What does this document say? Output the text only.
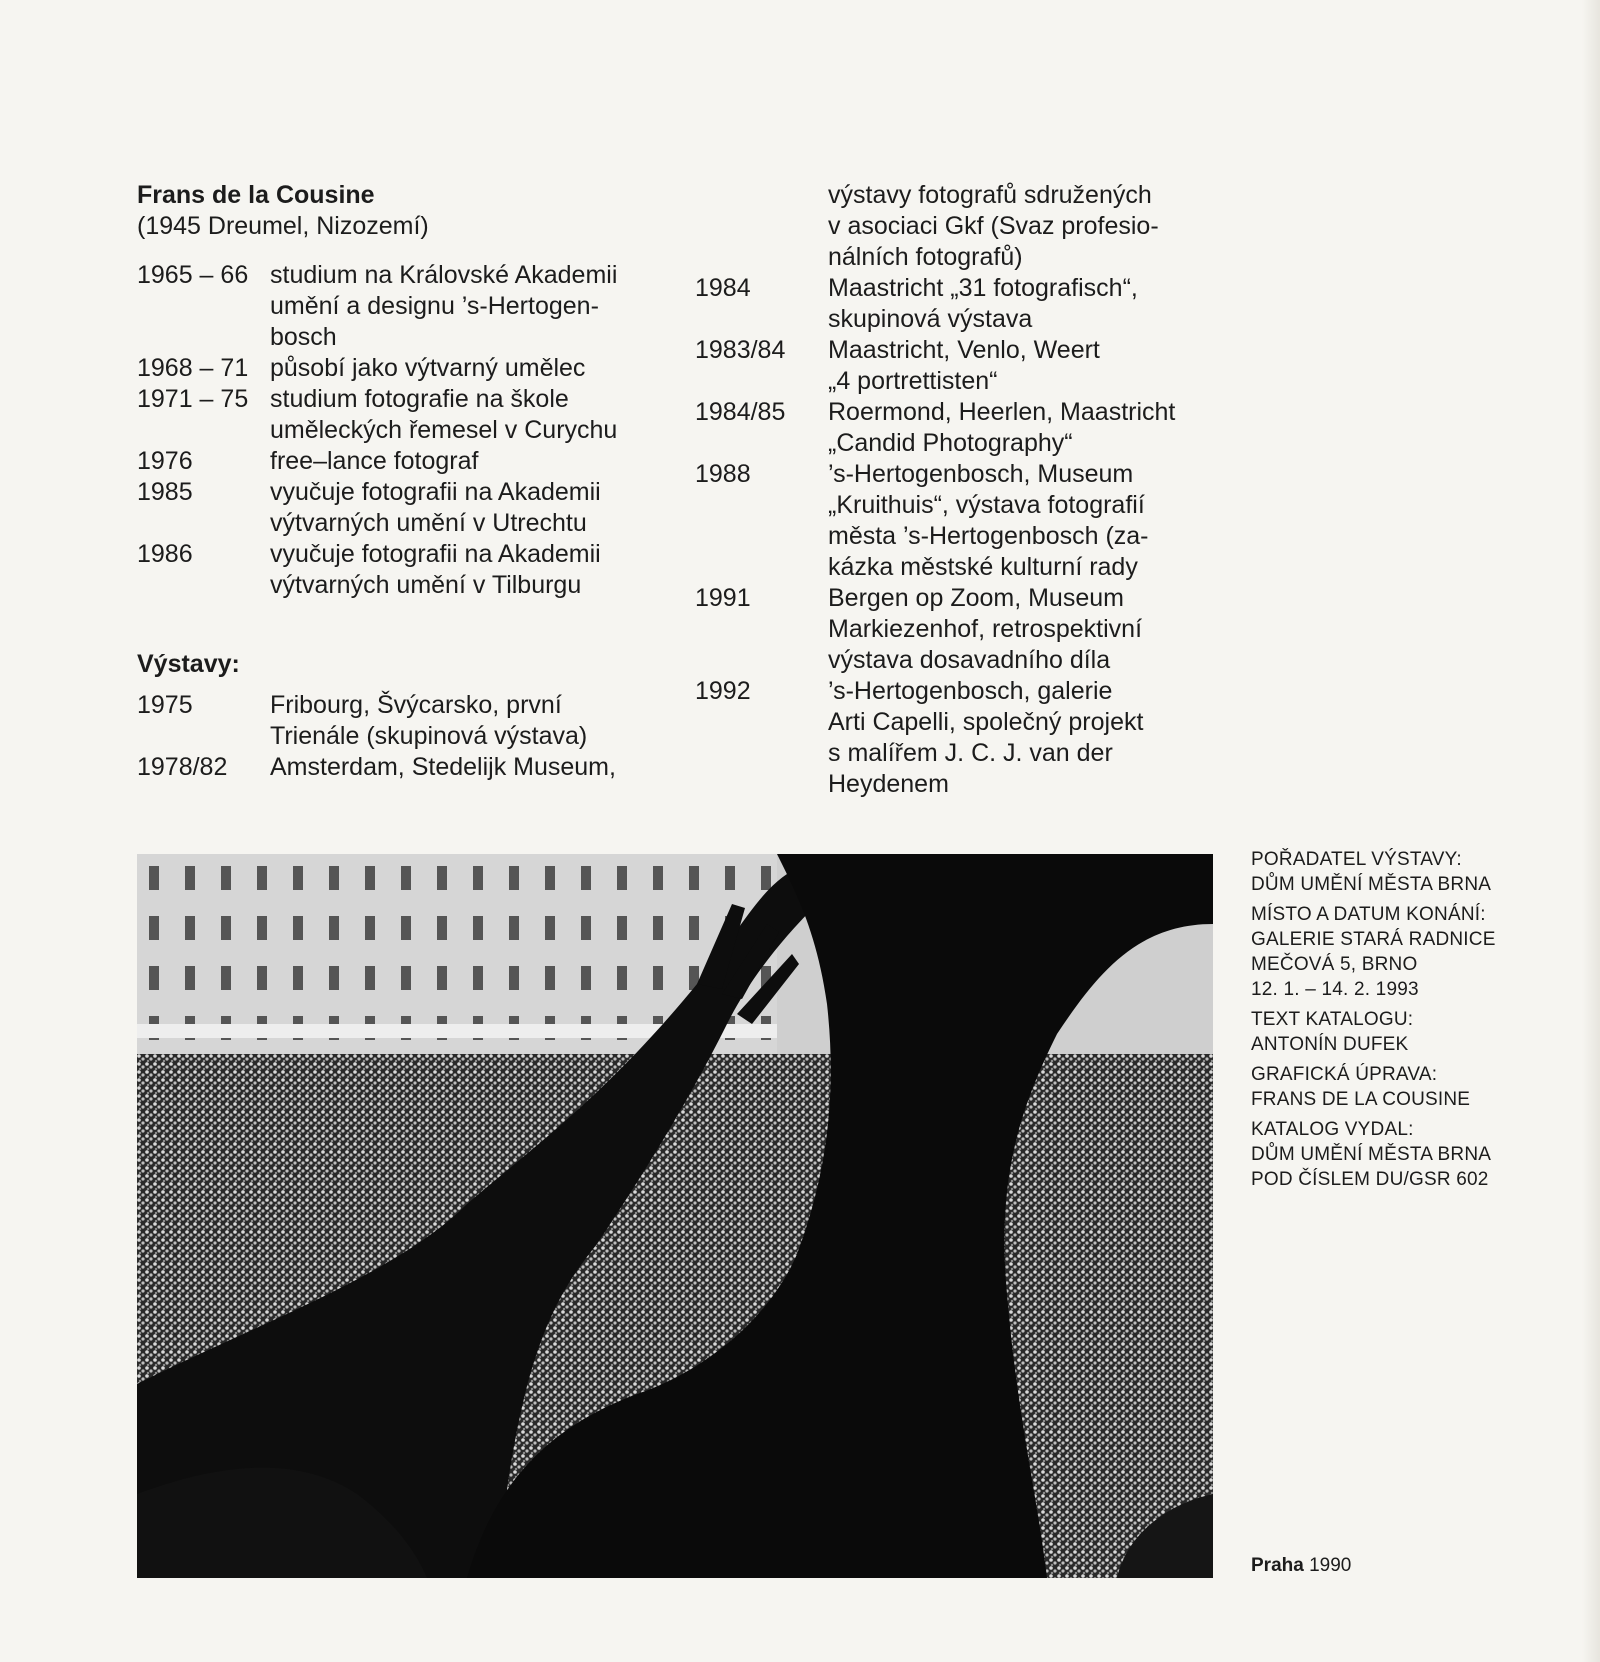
Frans de la Cousine
(1945 Dreumel, Nizozemí)
1965 – 66 studium na Královské Akademii
umění a designu ’s-Hertogen-
bosch
1968 – 71 působí jako výtvarný umělec
1971 – 75 studium fotografie na škole
uměleckých řemesel v Curychu
1976	free–lance fotograf
1985	vyučuje fotografii na Akademii
výtvarných umění v Utrechtu
1986	vyučuje fotografii na Akademii
výtvarných umění v Tilburgu
Výstavy:
1975	Fribourg, Švýcarsko, první
Trienále (skupinová výstava)
1978/82	Amsterdam, Stedelijk Museum,
výstavy fotografů sdružených
v asociaci Gkf (Svaz profesio-
nálních fotografů)
1984	Maastricht „31 fotografisch“,
skupinová výstava
1983/84	Maastricht, Venlo, Weert
„4 portrettisten“
1984/85	Roermond, Heerlen, Maastricht
„Candid Photography“
1988	’s-Hertogenbosch, Museum
„Kruithuis“, výstava fotografií
města ’s-Hertogenbosch (za-
kázka městské kulturní rady
1991	Bergen op Zoom, Museum
Markiezenhof, retrospektivní
výstava dosavadního díla
1992	’s-Hertogenbosch, galerie
Arti Capelli, společný projekt
s malířem J. C. J. van der
Heydenem
POŘADATEL VÝSTAVY:
DŮM UMĚNÍ MĚSTA BRNA
MÍSTO A DATUM KONÁNÍ:
GALERIE STARÁ RADNICE
MEČOVÁ 5, BRNO
12. 1. – 14. 2. 1993
TEXT KATALOGU:
ANTONÍN DUFEK
GRAFICKÁ ÚPRAVA:
FRANS DE LA COUSINE
KATALOG VYDAL:
DŮM UMĚNÍ MĚSTA BRNA
POD ČÍSLEM DU/GSR 602
Praha 1990
